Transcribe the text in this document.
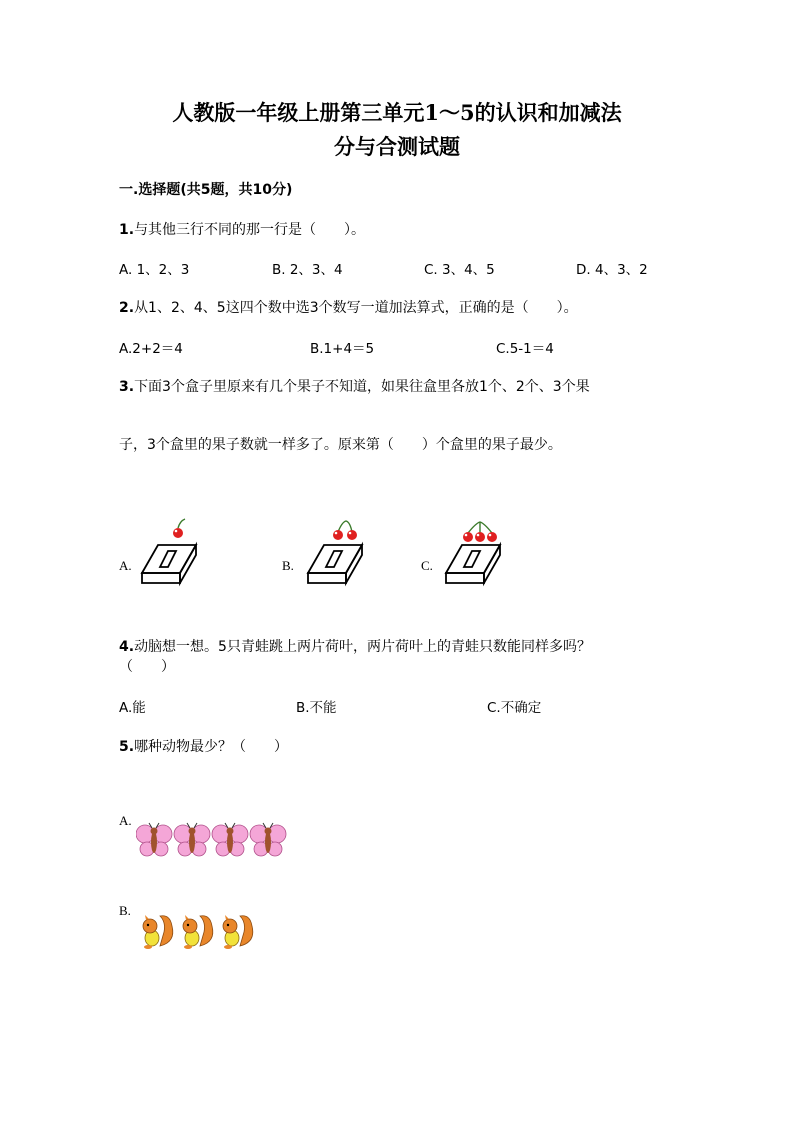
人教版一年级上册第三单元1～5的认识和加减法
分与合测试题
一.选择题(共5题，共10分)
1.与其他三行不同的那一行是（　　）。
A. 1、2、3	B. 2、3、4	C. 3、4、5	D. 4、3、2
2.从1、2、4、5这四个数中选3个数写一道加法算式，正确的是（　　）。
A.2+2＝4	B.1+4＝5	C.5-1＝4
3.下面3个盒子里原来有几个果子不知道，如果往盒里各放1个、2个、3个果
子，3个盒里的果子数就一样多了。原来第（　　）个盒里的果子最少。
A.	B.	C.
4.动脑想一想。5只青蛙跳上两片荷叶，两片荷叶上的青蛙只数能同样多吗？
（　　）
A.能	B.不能	C.不确定
5.哪种动物最少？（　　）
A.
B.
